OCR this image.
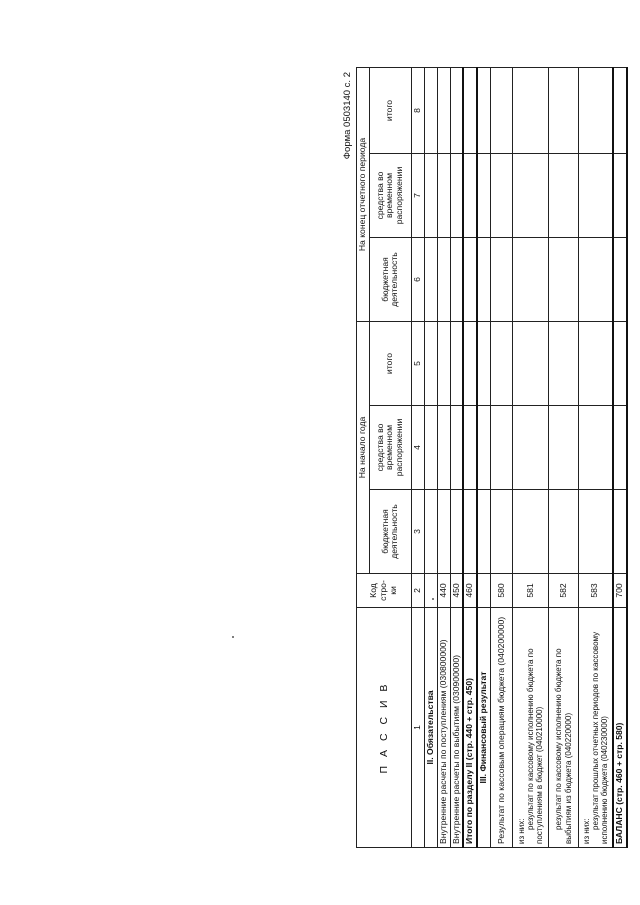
Форма 0503140 с. 2
П А С С И В	Код стро- ки	На начало года			На конец отчетного периода		
		бюджетная деятельность	средства во временном распоряжении	итого	бюджетная деятельность	средства во временном распоряжении	итого
1	2	3	4	5	6	7	8
II. Обязательства							
Внутренние расчеты по поступлениям (030800000)	440						
Внутренние расчеты по выбытиям (030900000)	450						
Итого по разделу II (стр. 440 + стр. 450)	460						
III. Финансовый результат							
Результат по кассовым операциям бюджета (040200000)	580						
из них:
результат по кассовому исполнению бюджета по поступлениям в бюджет (040210000)	581						
результат по кассовому исполнению бюджета по выбытиям из бюджета (040220000)	582						
из них:
результат прошлых отчетных периодов по кассовому исполнению бюджета (040230000)	583						
БАЛАНС (стр. 460 + стр. 580)	700						
